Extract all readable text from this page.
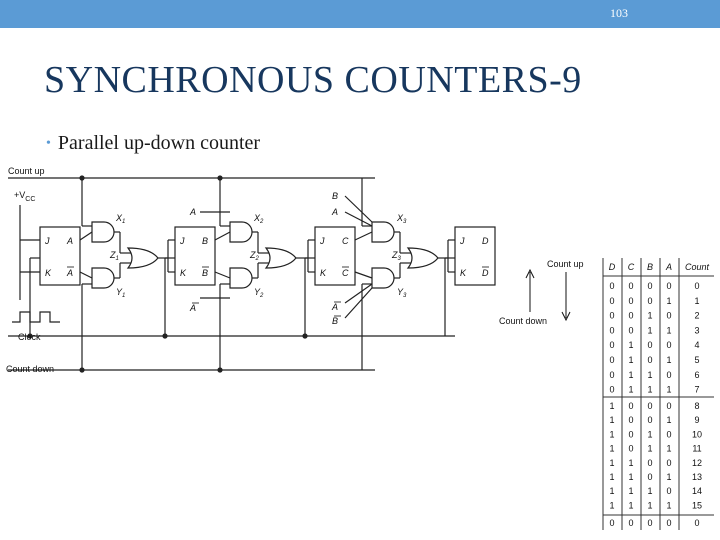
103
SYNCHRONOUS COUNTERS-9
• Parallel up-down counter
Count up
$+V_{CC}$
Clock
Count down
J
K
A
A
J
K
B
B
J
K
C
C
J
K
D
D
$X_1$
$Y_1$
$Z_1$
$X_2$
$Y_2$
$Z_2$
$X_3$
$Y_3$
$Z_3$
A
A
B
A
A
B
Count up
Count down
D C B A Count
0 0 0 0	0
0 0 0 1	1
0 0 1 0	2
0 0 1 1	3
0 1 0 0	4
0 1 0 1	5
0 1 1 0	6
0 1 1 1	7
1 0 0 0	8
1 0 0 1	9
1 0 1 0 10
1 0 1 1 11
1 1 0 0 12
1 1 0 1 13
1 1 1 0 14
1 1 1 1 15
0 0 0 0	0
